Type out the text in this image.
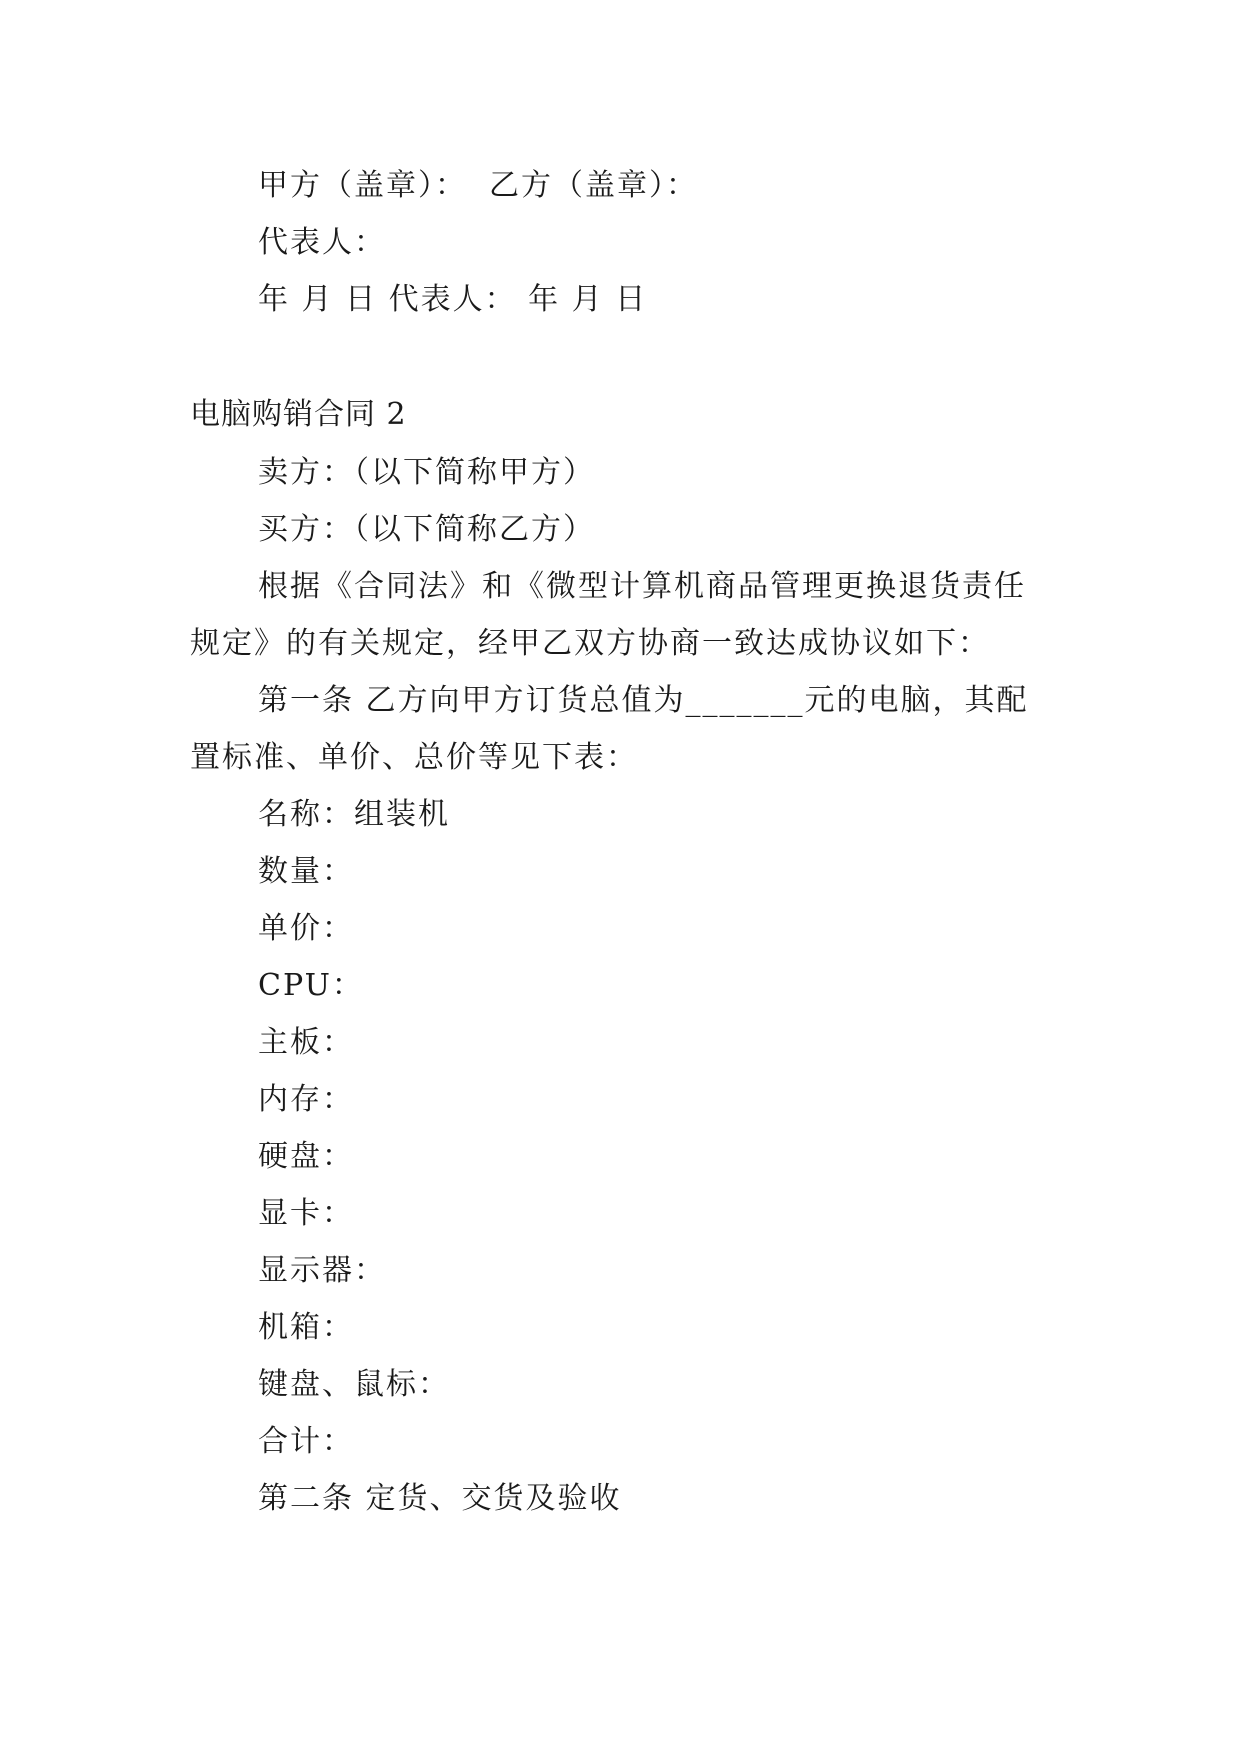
甲方（盖章）： 乙方（盖章）：
代表人：
年 月 日 代表人： 年 月 日
电脑购销合同 2
卖方：（以下简称甲方）
买方：（以下简称乙方）
根据《合同法》和《微型计算机商品管理更换退货责任
规定》的有关规定，经甲乙双方协商一致达成协议如下：
第一条 乙方向甲方订货总值为_______元的电脑，其配
置标准、单价、总价等见下表：
名称：组装机
数量：
单价：
CPU：
主板：
内存：
硬盘：
显卡：
显示器：
机箱：
键盘、鼠标：
合计：
第二条 定货、交货及验收
